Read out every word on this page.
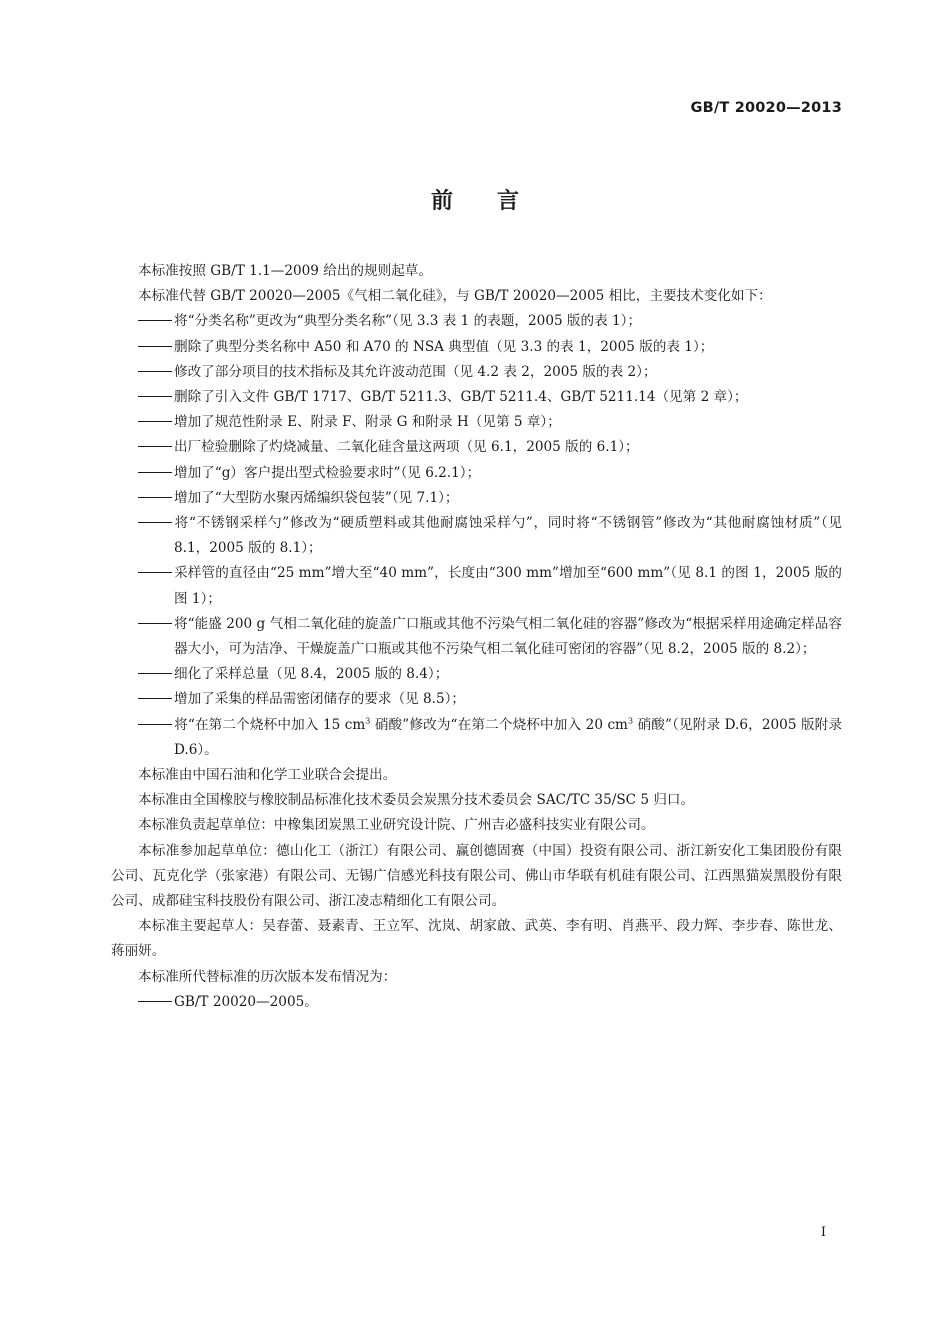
GB/T 20020—2013
前言
本标准按照 GB/T 1.1—2009 给出的规则起草。
本标准代替 GB/T 20020—2005《气相二氧化硅》，与 GB/T 20020—2005 相比，主要技术变化如下：
将“分类名称”更改为“典型分类名称”（见 3.3 表 1 的表题，2005 版的表 1）；
删除了典型分类名称中 A50 和 A70 的 NSA 典型值（见 3.3 的表 1，2005 版的表 1）；
修改了部分项目的技术指标及其允许波动范围（见 4.2 表 2，2005 版的表 2）；
删除了引入文件 GB/T 1717、GB/T 5211.3、GB/T 5211.4、GB/T 5211.14（见第 2 章）；
增加了规范性附录 E、附录 F、附录 G 和附录 H（见第 5 章）；
出厂检验删除了灼烧减量、二氧化硅含量这两项（见 6.1，2005 版的 6.1）；
增加了“g）客户提出型式检验要求时”（见 6.2.1）；
增加了“大型防水聚丙烯编织袋包装”（见 7.1）；
将“不锈钢采样勺”修改为“硬质塑料或其他耐腐蚀采样勺”，同时将“不锈钢管”修改为“其他耐腐蚀材质”（见 8.1，2005 版的 8.1）；
采样管的直径由“25 mm”增大至“40 mm”，长度由“300 mm”增加至“600 mm”（见 8.1 的图 1，2005 版的图 1）；
将“能盛 200 g 气相二氧化硅的旋盖广口瓶或其他不污染气相二氧化硅的容器”修改为“根据采样用途确定样品容器大小，可为洁净、干燥旋盖广口瓶或其他不污染气相二氧化硅可密闭的容器”（见 8.2，2005 版的 8.2）；
细化了采样总量（见 8.4，2005 版的 8.4）；
增加了采集的样品需密闭储存的要求（见 8.5）；
将“在第二个烧杯中加入 15 $cm^3$ 硝酸”修改为“在第二个烧杯中加入 20 $cm^3$ 硝酸”（见附录 D.6，2005 版附录 D.6）。
本标准由中国石油和化学工业联合会提出。
本标准由全国橡胶与橡胶制品标准化技术委员会炭黑分技术委员会 SAC/TC 35/SC 5 归口。
本标准负责起草单位：中橡集团炭黑工业研究设计院、广州吉必盛科技实业有限公司。
本标准参加起草单位：德山化工（浙江）有限公司、赢创德固赛（中国）投资有限公司、浙江新安化工集团股份有限公司、瓦克化学（张家港）有限公司、无锡广信感光科技有限公司、佛山市华联有机硅有限公司、江西黑猫炭黑股份有限公司、成都硅宝科技股份有限公司、浙江凌志精细化工有限公司。
本标准主要起草人：吴春蕾、聂素青、王立军、沈岚、胡家啟、武英、李有明、肖燕平、段力辉、李步春、陈世龙、蒋丽妍。
本标准所代替标准的历次版本发布情况为：
GB/T 20020—2005。
I
